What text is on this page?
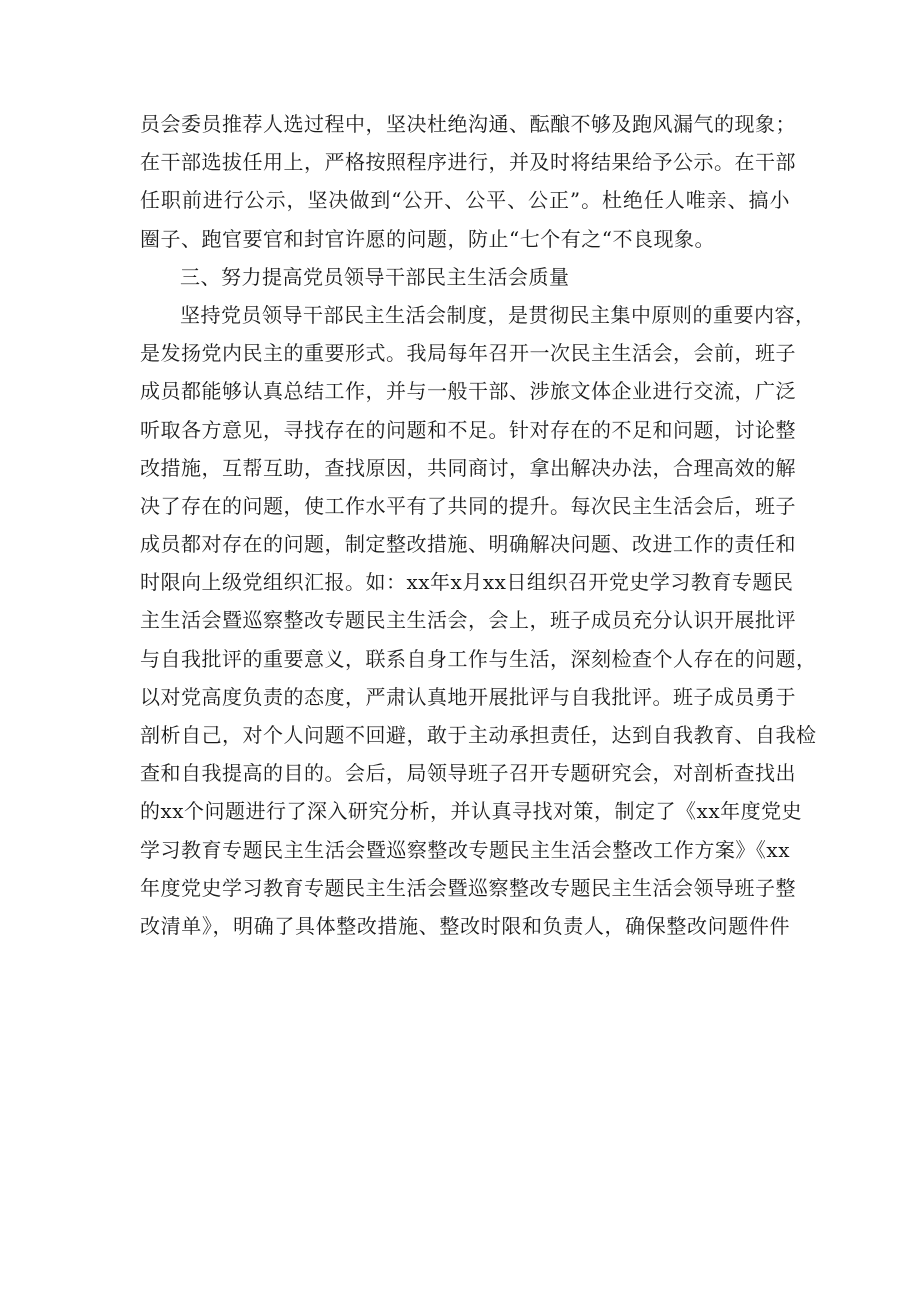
员会委员推荐人选过程中，坚决杜绝沟通、酝酿不够及跑风漏气的现象；
在干部选拔任用上，严格按照程序进行，并及时将结果给予公示。在干部
任职前进行公示，坚决做到“公开、公平、公正”。杜绝任人唯亲、搞小
圈子、跑官要官和封官许愿的问题，防止“七个有之“不良现象。
三、努力提高党员领导干部民主生活会质量
坚持党员领导干部民主生活会制度，是贯彻民主集中原则的重要内容，
是发扬党内民主的重要形式。我局每年召开一次民主生活会，会前，班子
成员都能够认真总结工作，并与一般干部、涉旅文体企业进行交流，广泛
听取各方意见，寻找存在的问题和不足。针对存在的不足和问题，讨论整
改措施，互帮互助，查找原因，共同商讨，拿出解决办法，合理高效的解
决了存在的问题，使工作水平有了共同的提升。每次民主生活会后，班子
成员都对存在的问题，制定整改措施、明确解决问题、改进工作的责任和
时限向上级党组织汇报。如：xx年x月xx日组织召开党史学习教育专题民
主生活会暨巡察整改专题民主生活会，会上，班子成员充分认识开展批评
与自我批评的重要意义，联系自身工作与生活，深刻检查个人存在的问题，
以对党高度负责的态度，严肃认真地开展批评与自我批评。班子成员勇于
剖析自己，对个人问题不回避，敢于主动承担责任，达到自我教育、自我检
查和自我提高的目的。会后，局领导班子召开专题研究会，对剖析查找出
的xx个问题进行了深入研究分析，并认真寻找对策，制定了《xx年度党史
学习教育专题民主生活会暨巡察整改专题民主生活会整改工作方案》《xx
年度党史学习教育专题民主生活会暨巡察整改专题民主生活会领导班子整
改清单》，明确了具体整改措施、整改时限和负责人，确保整改问题件件
